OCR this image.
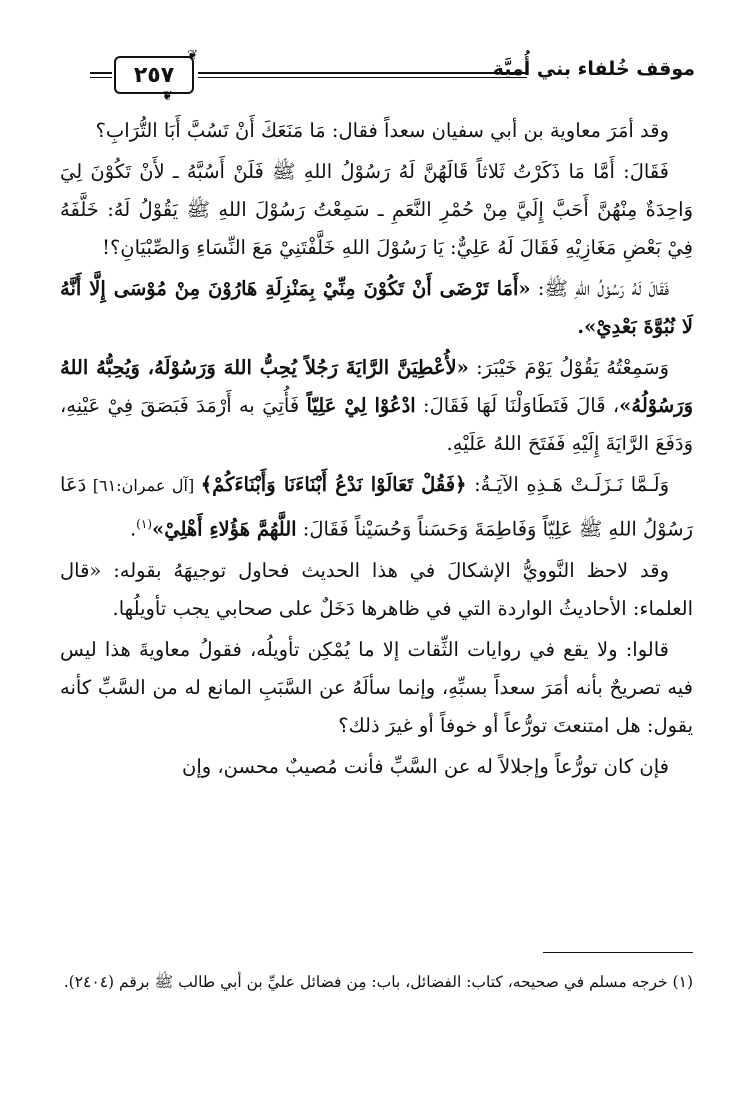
موقف خُلفاء بني أُميَّة
❦ ٢٥٧
❦

وقد أمَرَ معاوية بن أبي سفيان سعداً فقال: مَا مَنَعَكَ أَنْ تَسُبَّ أَبَا التُّرَابِ؟

فَقَالَ: أَمَّا مَا ذَكَرْتُ ثَلاثاً قَالَهُنَّ لَهُ رَسُوْلُ اللهِ ﷺ فَلَنْ أَسُبَّهُ ـ لأَنْ تَكُوْنَ لِيَ وَاحِدَةٌ مِنْهُنَّ أَحَبَّ إِلَيَّ مِنْ حُمْرِ النَّعَمِ ـ سَمِعْتُ رَسُوْلَ اللهِ ﷺ يَقُوْلُ لَهُ: خَلَّفَهُ فِيْ بَعْضِ مَغَازِيْهِ فَقَالَ لَهُ عَلِيٌّ: يَا رَسُوْلَ اللهِ خَلَّفْتَنِيْ مَعَ النِّسَاءِ وَالصِّبْيَانِ؟!

فَقَالَ لَهُ رَسُوْلُ اللهِ ﷺ: «أَمَا تَرْضَى أَنْ تَكُوْنَ مِنِّيْ بِمَنْزِلَةِ هَارُوْنَ مِنْ مُوْسَى إِلَّا أَنَّهُ لَا نُبُوَّةَ بَعْدِيْ».

وَسَمِعْتُهُ يَقُوْلُ يَوْمَ خَيْبَرَ: «لأُعْطِيَنَّ الرَّايَةَ رَجُلاً يُحِبُّ اللهَ وَرَسُوْلَهُ، وَيُحِبُّهُ اللهُ وَرَسُوْلُهُ»، قَالَ فَتَطَاوَلْنَا لَهَا فَقَالَ: ادْعُوْا لِيْ عَلِيّاً فَأُتِيَ به أَرْمَدَ فَبَصَقَ فِيْ عَيْنِهِ، وَدَفَعَ الرَّايَةَ إِلَيْهِ فَفَتَحَ اللهُ عَلَيْهِ.

وَلَـمَّا نَـزَلَـتْ هَـذِهِ الآيَـةُ: ﴿فَقُلْ تَعَالَوْا نَدْعُ أَبْنَاءَنَا وَأَبْنَاءَكُمْ﴾ [آل عمران:٦١] دَعَا رَسُوْلُ اللهِ ﷺ عَلِيّاً وَفَاطِمَةَ وَحَسَناً وَحُسَيْناً فَقَالَ: اللَّهُمَّ هَؤُلاءِ أَهْلِيْ»$^{(١)}$.

وقد لاحظ النَّوويُّ الإشكالَ في هذا الحديث فحاول توجيهَهُ بقوله: «قال العلماء: الأحاديثُ الواردة التي في ظاهرها دَخَلٌ على صحابي يجب تأويلُها.

قالوا: ولا يقع في روايات الثِّقات إلا ما يُمْكِن تأويلُه، فقولُ معاويةَ هذا ليس فيه تصريحٌ بأنه أمَرَ سعداً بسبِّهِ، وإنما سألَهُ عن السَّبَبِ المانع له من السَّبِّ كأنه يقول: هل امتنعتَ تورُّعاً أو خوفاً أو غيرَ ذلك؟

فإن كان تورُّعاً وإجلالاً له عن السَّبِّ فأنت مُصيبٌ محسن، وإن

(١) خرجه مسلم في صحيحه، كتاب: الفضائل، باب: مِن فضائل عليِّ بن أبي طالب ﷺ برقم (٢٤٠٤).
